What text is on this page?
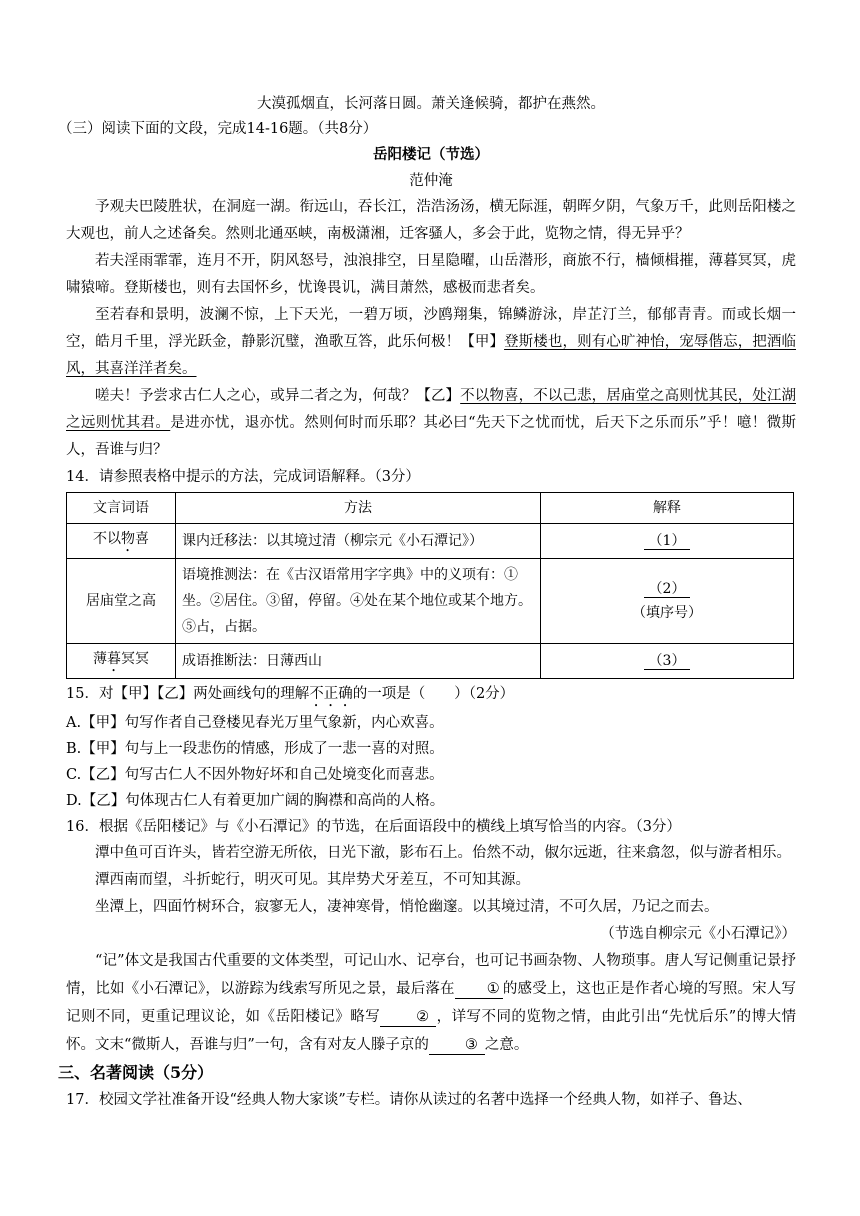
大漠孤烟直，长河落日圆。萧关逢候骑，都护在燕然。
（三）阅读下面的文段，完成14-16题。（共8分）
岳阳楼记（节选）
范仲淹
予观夫巴陵胜状，在洞庭一湖。衔远山，吞长江，浩浩汤汤，横无际涯，朝晖夕阴，气象万千，此则岳阳楼之大观也，前人之述备矣。然则北通巫峡，南极潇湘，迁客骚人，多会于此，览物之情，得无异乎？
若夫淫雨霏霏，连月不开，阴风怒号，浊浪排空，日星隐曜，山岳潜形，商旅不行，樯倾楫摧，薄暮冥冥，虎啸猿啼。登斯楼也，则有去国怀乡，忧谗畏讥，满目萧然，感极而悲者矣。
至若春和景明，波澜不惊，上下天光，一碧万顷，沙鸥翔集，锦鳞游泳，岸芷汀兰，郁郁青青。而或长烟一空，皓月千里，浮光跃金，静影沉璧，渔歌互答，此乐何极！【甲】登斯楼也，则有心旷神怡，宠辱偕忘，把酒临风，其喜洋洋者矣。
嗟夫！予尝求古仁人之心，或异二者之为，何哉？【乙】不以物喜，不以己悲，居庙堂之高则忧其民，处江湖之远则忧其君。是进亦忧，退亦忧。然则何时而乐耶？其必曰“先天下之忧而忧，后天下之乐而乐”乎！噫！微斯人，吾谁与归？
14．请参照表格中提示的方法，完成词语解释。（3分）
文言词语	方法	解释
不以物喜	课内迁移法：以其境过清（柳宗元《小石潭记》）	（1）
居庙堂之高	语境推测法：在《古汉语常用字字典》中的义项有：①坐。②居住。③留，停留。④处在某个地位或某个地方。⑤占，占据。	（2）
（填序号）
薄暮冥冥	成语推断法：日薄西山	（3）
15．对【甲】【乙】两处画线句的理解不正确的一项是（　　）（2分）
A.【甲】句写作者自己登楼见春光万里气象新，内心欢喜。
B.【甲】句与上一段悲伤的情感，形成了一悲一喜的对照。
C.【乙】句写古仁人不因外物好坏和自己处境变化而喜悲。
D.【乙】句体现古仁人有着更加广阔的胸襟和高尚的人格。
16．根据《岳阳楼记》与《小石潭记》的节选，在后面语段中的横线上填写恰当的内容。（3分）
潭中鱼可百许头，皆若空游无所依，日光下澈，影布石上。佁然不动，俶尔远逝，往来翕忽，似与游者相乐。
潭西南而望，斗折蛇行，明灭可见。其岸势犬牙差互，不可知其源。
坐潭上，四面竹树环合，寂寥无人，凄神寒骨，悄怆幽邃。以其境过清，不可久居，乃记之而去。
（节选自柳宗元《小石潭记》）
“记”体文是我国古代重要的文体类型，可记山水、记亭台，也可记书画杂物、人物琐事。唐人写记侧重记景抒情，比如《小石潭记》，以游踪为线索写所见之景，最后落在 ① 的感受上，这也正是作者心境的写照。宋人写记则不同，更重记理议论，如《岳阳楼记》略写 ② ，详写不同的览物之情，由此引出“先忧后乐”的博大情怀。文末“微斯人，吾谁与归”一句，含有对友人滕子京的 ③ 之意。
三、名著阅读（5分）
17．校园文学社准备开设“经典人物大家谈”专栏。请你从读过的名著中选择一个经典人物，如祥子、鲁达、
